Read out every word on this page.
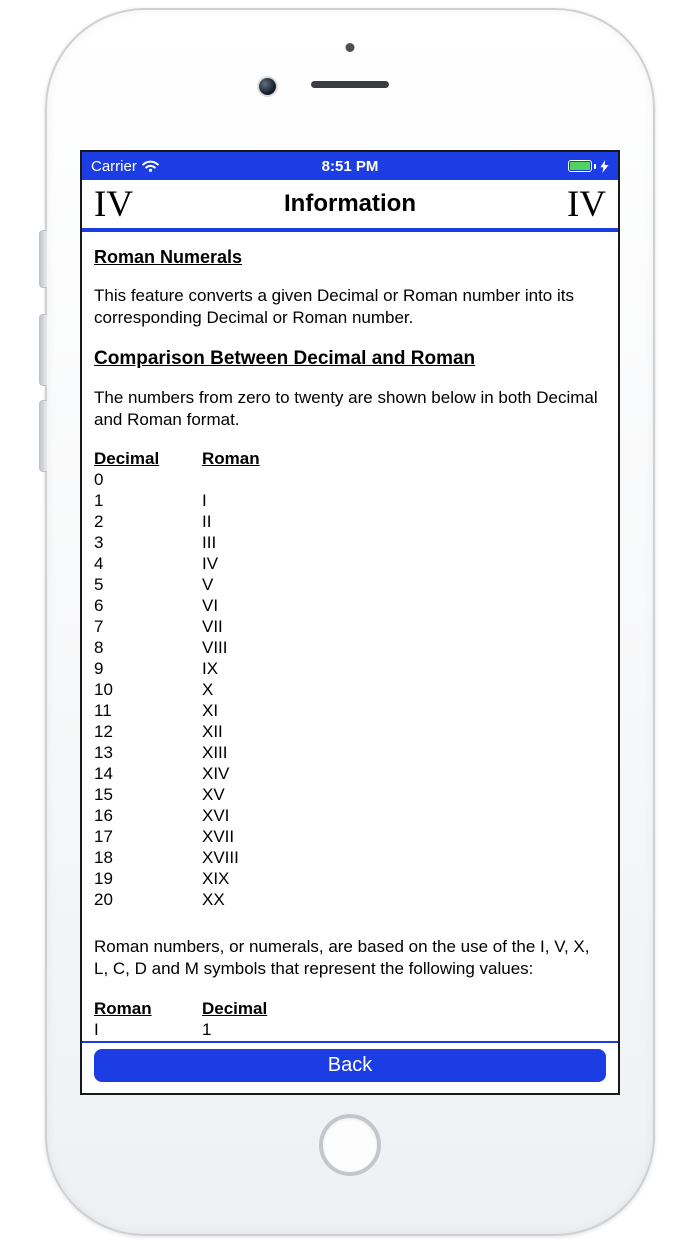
Carrier	8:51 PM
IV	Information	IV
Roman Numerals

This feature converts a given Decimal or Roman number into its corresponding Decimal or Roman number.

Comparison Between Decimal and Roman

The numbers from zero to twenty are shown below in both Decimal and Roman format.

Decimal	Roman
0
1	I
2	II
3	III
4	IV
5	V
6	VI
7	VII
8	VIII
9	IX
10	X
11	XI
12	XII
13	XIII
14	XIV
15	XV
16	XVI
17	XVII
18	XVIII
19	XIX
20	XX

Roman numbers, or numerals, are based on the use of the I, V, X, L, C, D and M symbols that represent the following values:

Roman	Decimal
I	1
Back
